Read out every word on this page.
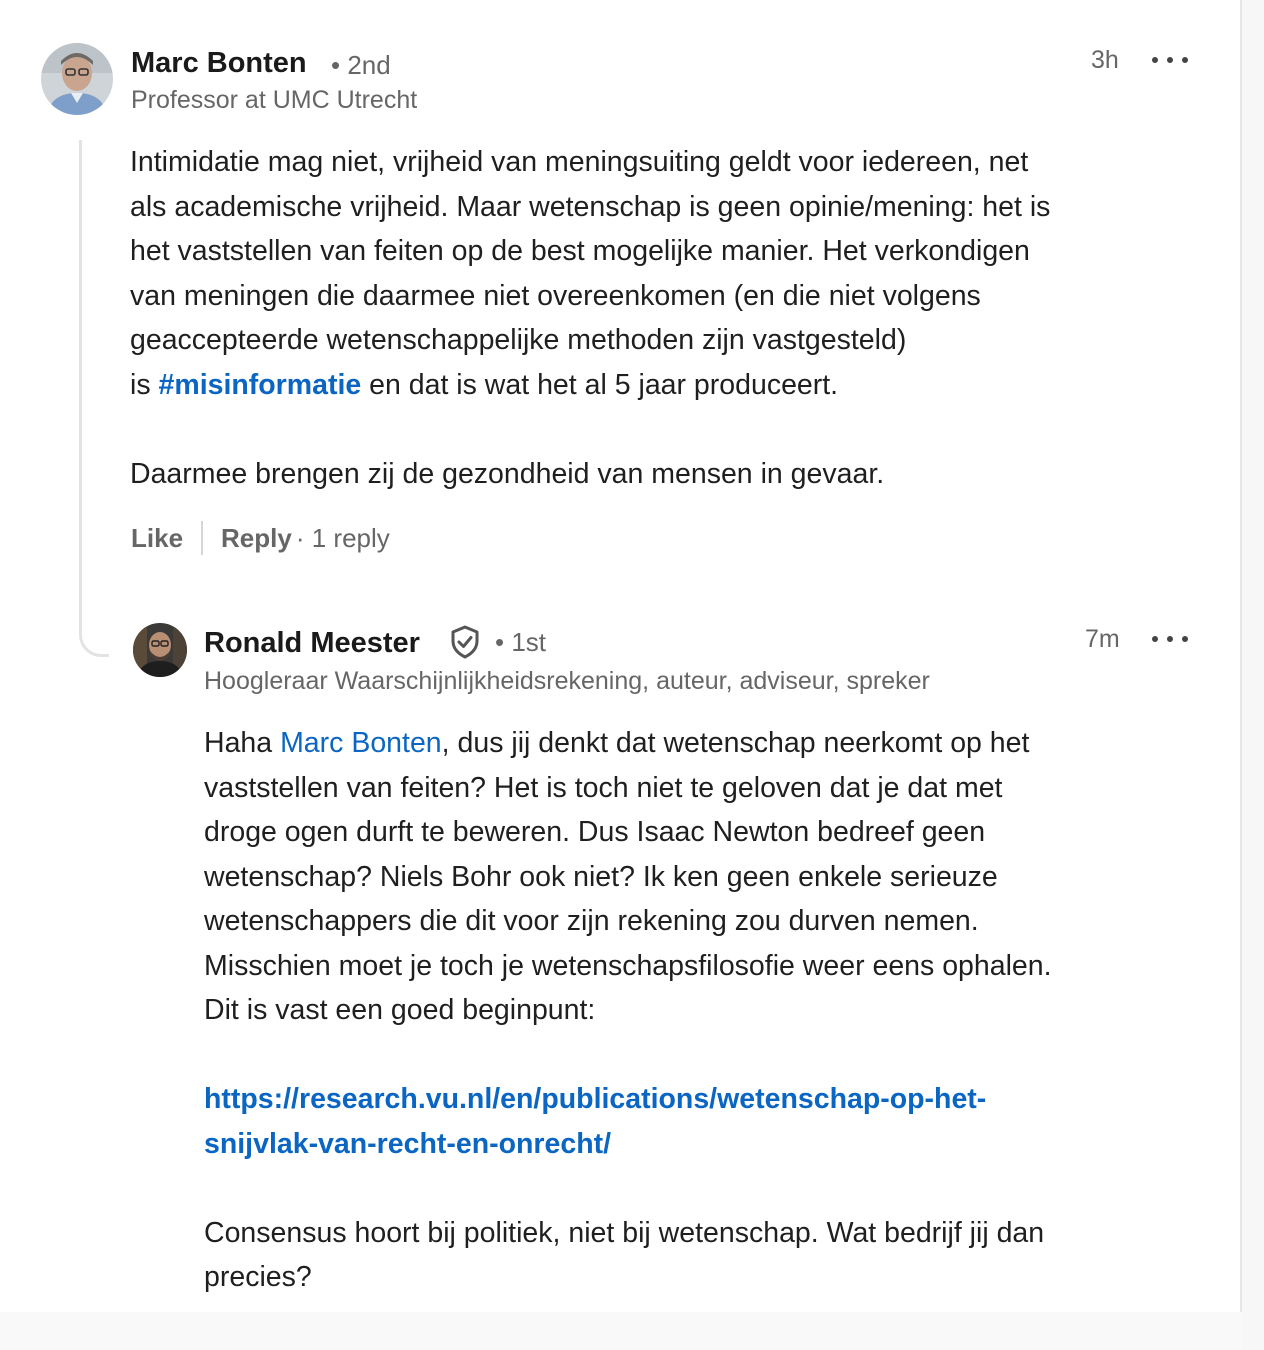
Marc Bonten • 2nd
Professor at UMC Utrecht
3h

Intimidatie mag niet, vrijheid van meningsuiting geldt voor iedereen, net

als academische vrijheid. Maar wetenschap is geen opinie/mening: het is

het vaststellen van feiten op de best mogelijke manier. Het verkondigen

van meningen die daarmee niet overeenkomen (en die niet volgens

geaccepteerde wetenschappelijke methoden zijn vastgesteld)

is #misinformatie en dat is wat het al 5 jaar produceert.

Daarmee brengen zij de gezondheid van mensen in gevaar.

Like Reply · 1 reply
Ronald Meester	• 1st
Hoogleraar Waarschijnlijkheidsrekening, auteur, adviseur, spreker
7m

Haha Marc Bonten, dus jij denkt dat wetenschap neerkomt op het

vaststellen van feiten? Het is toch niet te geloven dat je dat met

droge ogen durft te beweren. Dus Isaac Newton bedreef geen

wetenschap? Niels Bohr ook niet? Ik ken geen enkele serieuze

wetenschappers die dit voor zijn rekening zou durven nemen.

Misschien moet je toch je wetenschapsfilosofie weer eens ophalen.

Dit is vast een goed beginpunt:

https://research.vu.nl/en/publications/wetenschap-op-het-

snijvlak-van-recht-en-onrecht/

Consensus hoort bij politiek, niet bij wetenschap. Wat bedrijf jij dan

precies?
